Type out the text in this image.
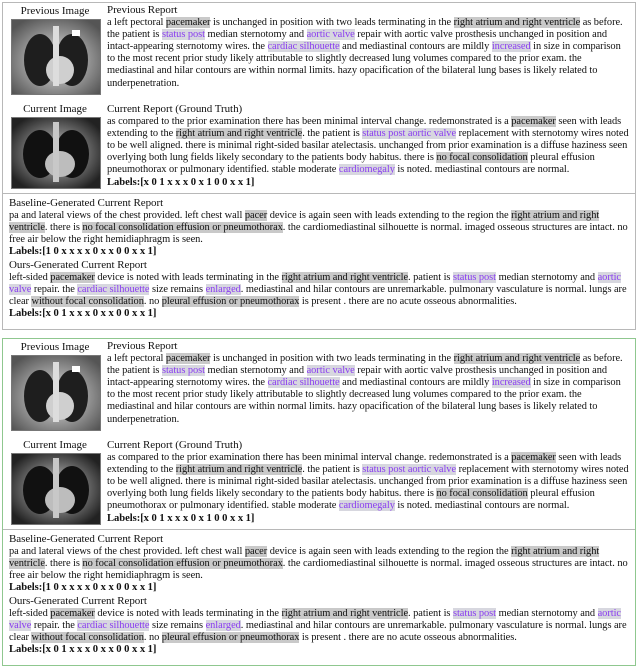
Previous Image
Current Image
Previous Report
a left pectoral pacemaker is unchanged in position with two leads terminating in the right atrium and right ventricle as before. the patient is status post median sternotomy and aortic valve repair with aortic valve prosthesis unchanged in position and intact-appearing sternotomy wires. the cardiac silhouette and mediastinal contours are mildly increased in size in comparison to the most recent prior study likely attributable to slightly decreased lung volumes compared to the prior exam. the mediastinal and hilar contours are within normal limits. hazy opacification of the bilateral lung bases is likely related to underpenetration.
Current Report (Ground Truth)
as compared to the prior examination there has been minimal interval change. redemonstrated is a pacemaker seen with leads extending to the right atrium and right ventricle. the patient is status post aortic valve replacement with sternotomy wires noted to be well aligned. there is minimal right-sided basilar atelectasis. unchanged from prior examination is a diffuse haziness seen overlying both lung fields likely secondary to the patients body habitus. there is no focal consolidation pleural effusion pneumothorax or pulmonary identified. stable moderate cardiomegaly is noted. mediastinal contours are normal.
Labels:[x 0 1 x x x 0 x 1 0 0 x x 1]
Baseline-Generated Current Report
pa and lateral views of the chest provided. left chest wall pacer device is again seen with leads extending to the region the right atrium and right ventricle. there is no focal consolidation effusion or pneumothorax. the cardiomediastinal silhouette is normal. imaged osseous structures are intact. no free air below the right hemidiaphragm is seen.
Labels:[1 0 x x x x 0 x x 0 0 x x 1]
Ours-Generated Current Report
left-sided pacemaker device is noted with leads terminating in the right atrium and right ventricle. patient is status post median sternotomy and aortic valve repair. the cardiac silhouette size remains enlarged. mediastinal and hilar contours are unremarkable. pulmonary vasculature is normal. lungs are clear without focal consolidation. no pleural effusion or pneumothorax is present . there are no acute osseous abnormalities.
Labels:[x 0 1 x x x 0 x x 0 0 x x 1]
Previous Image
Current Image
Previous Report
a left pectoral pacemaker is unchanged in position with two leads terminating in the right atrium and right ventricle as before. the patient is status post median sternotomy and aortic valve repair with aortic valve prosthesis unchanged in position and intact-appearing sternotomy wires. the cardiac silhouette and mediastinal contours are mildly increased in size in comparison to the most recent prior study likely attributable to slightly decreased lung volumes compared to the prior exam. the mediastinal and hilar contours are within normal limits. hazy opacification of the bilateral lung bases is likely related to underpenetration.
Current Report (Ground Truth)
as compared to the prior examination there has been minimal interval change. redemonstrated is a pacemaker seen with leads extending to the right atrium and right ventricle. the patient is status post aortic valve replacement with sternotomy wires noted to be well aligned. there is minimal right-sided basilar atelectasis. unchanged from prior examination is a diffuse haziness seen overlying both lung fields likely secondary to the patients body habitus. there is no focal consolidation pleural effusion pneumothorax or pulmonary identified. stable moderate cardiomegaly is noted. mediastinal contours are normal.
Labels:[x 0 1 x x x 0 x 1 0 0 x x 1]
Baseline-Generated Current Report
pa and lateral views of the chest provided. left chest wall pacer device is again seen with leads extending to the region the right atrium and right ventricle. there is no focal consolidation effusion or pneumothorax. the cardiomediastinal silhouette is normal. imaged osseous structures are intact. no free air below the right hemidiaphragm is seen.
Labels:[1 0 x x x x 0 x x 0 0 x x 1]
Ours-Generated Current Report
left-sided pacemaker device is noted with leads terminating in the right atrium and right ventricle. patient is status post median sternotomy and aortic valve repair. the cardiac silhouette size remains enlarged. mediastinal and hilar contours are unremarkable. pulmonary vasculature is normal. lungs are clear without focal consolidation. no pleural effusion or pneumothorax is present . there are no acute osseous abnormalities.
Labels:[x 0 1 x x x 0 x x 0 0 x x 1]
